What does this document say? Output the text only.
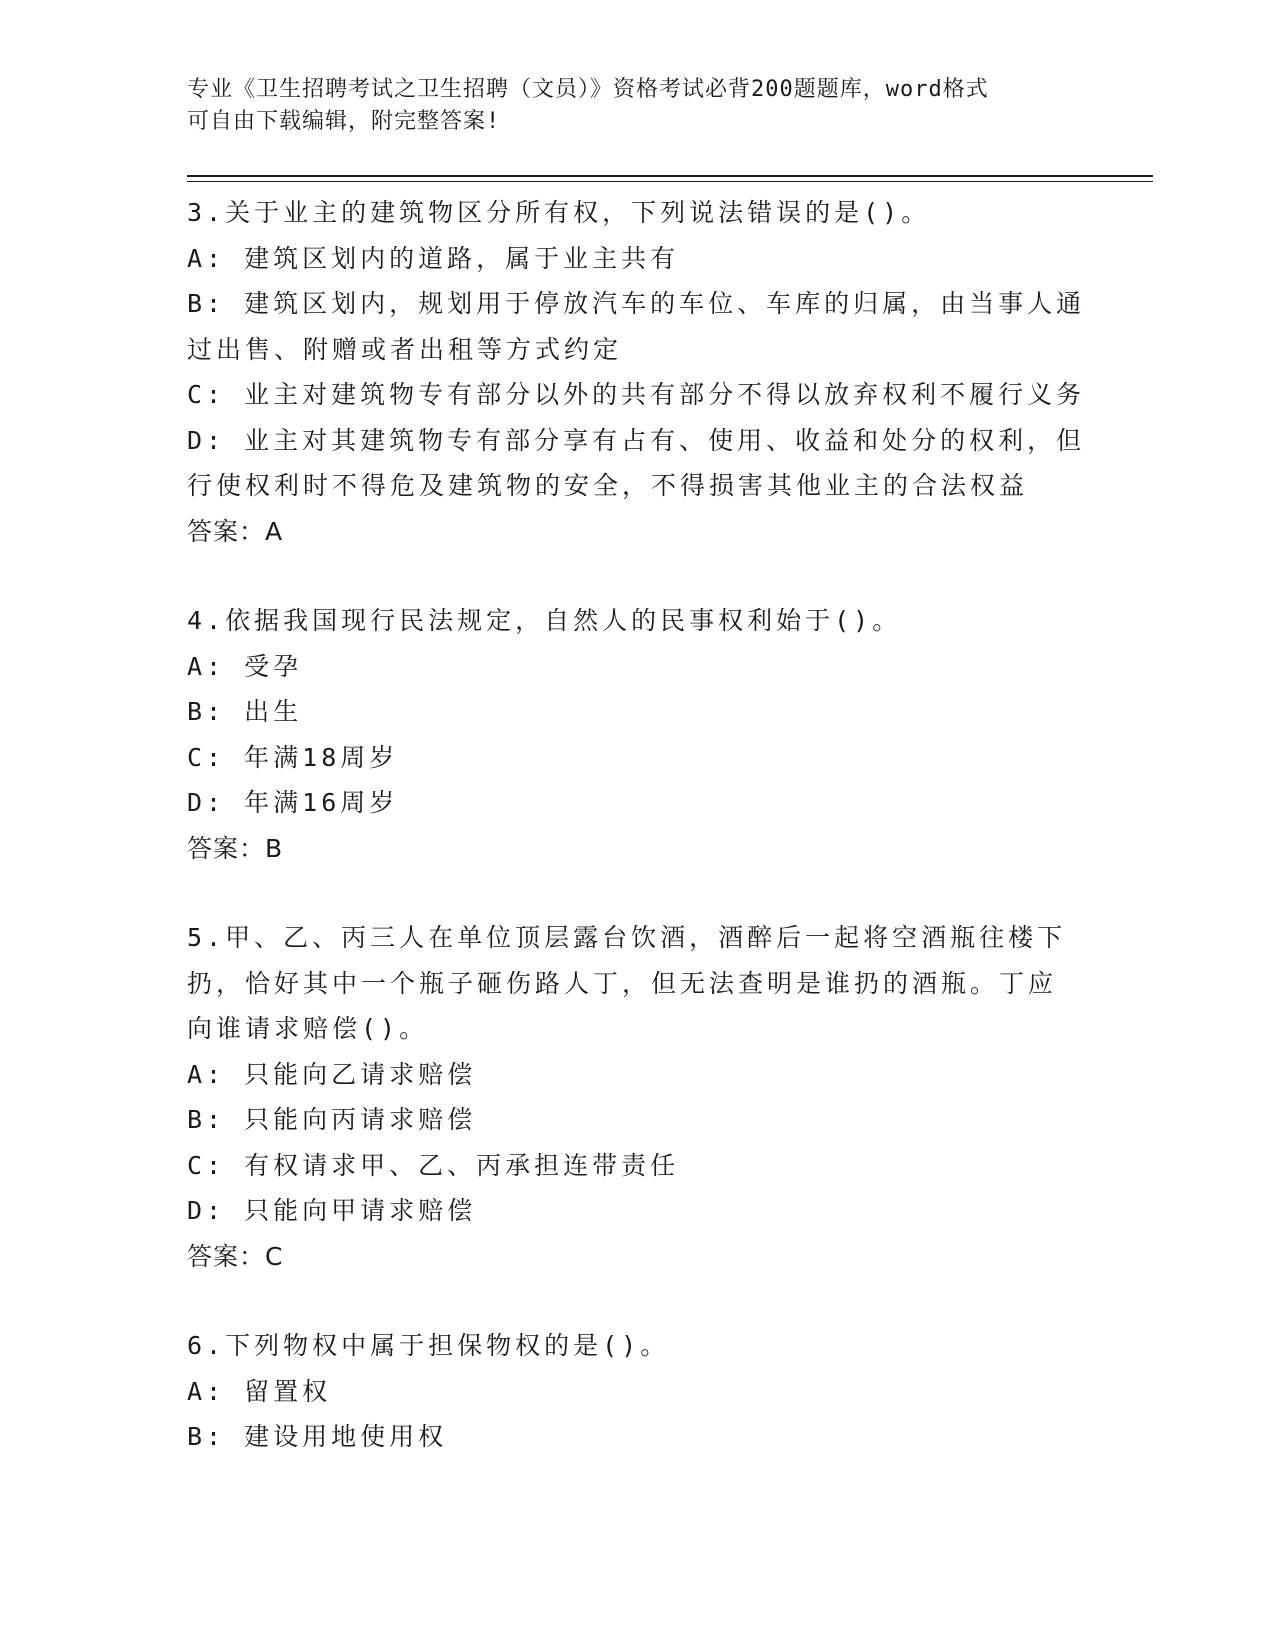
专业《卫生招聘考试之卫生招聘（文员）》资格考试必背200题题库，word格式
可自由下载编辑，附完整答案!
3.关于业主的建筑物区分所有权，下列说法错误的是()。
A: 建筑区划内的道路，属于业主共有
B: 建筑区划内，规划用于停放汽车的车位、车库的归属，由当事人通
过出售、附赠或者出租等方式约定
C: 业主对建筑物专有部分以外的共有部分不得以放弃权利不履行义务
D: 业主对其建筑物专有部分享有占有、使用、收益和处分的权利，但
行使权利时不得危及建筑物的安全，不得损害其他业主的合法权益
答案：A
4.依据我国现行民法规定，自然人的民事权利始于()。
A: 受孕
B: 出生
C: 年满18周岁
D: 年满16周岁
答案：B
5.甲、乙、丙三人在单位顶层露台饮酒，酒醉后一起将空酒瓶往楼下
扔，恰好其中一个瓶子砸伤路人丁，但无法查明是谁扔的酒瓶。丁应
向谁请求赔偿()。
A: 只能向乙请求赔偿
B: 只能向丙请求赔偿
C: 有权请求甲、乙、丙承担连带责任
D: 只能向甲请求赔偿
答案：C
6.下列物权中属于担保物权的是()。
A: 留置权
B: 建设用地使用权
